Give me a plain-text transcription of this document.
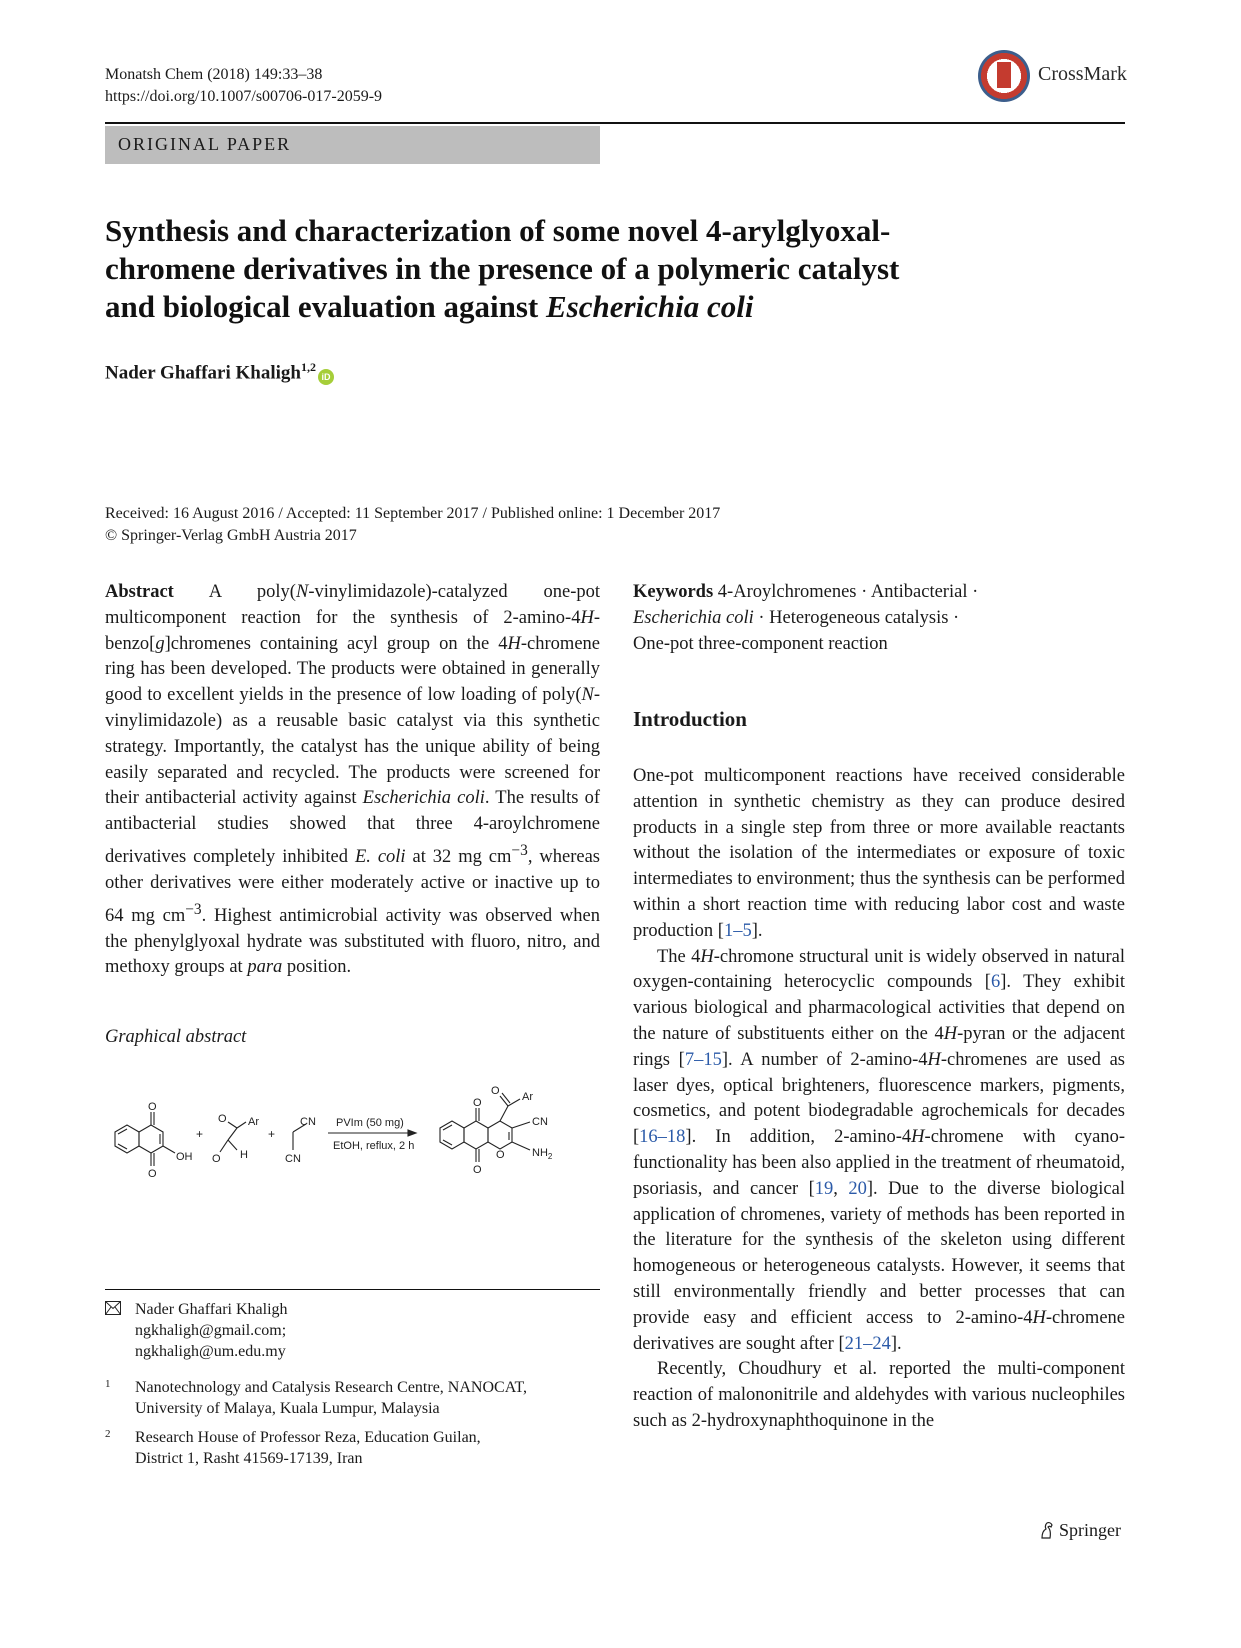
Monatsh Chem (2018) 149:33–38
https://doi.org/10.1007/s00706-017-2059-9
CrossMark
ORIGINAL PAPER
Synthesis and characterization of some novel 4-arylglyoxal-
chromene derivatives in the presence of a polymeric catalyst
and biological evaluation against Escherichia coli
Nader Ghaffari Khaligh$^{1,2}$iD
Received: 16 August 2016 / Accepted: 11 September 2017 / Published online: 1 December 2017
© Springer-Verlag GmbH Austria 2017

Abstract A poly(N-vinylimidazole)-catalyzed one-pot multicomponent reaction for the synthesis of 2-amino-4H-benzo[g]chromenes containing acyl group on the 4H-chromene ring has been developed. The products were obtained in generally good to excellent yields in the presence of low loading of poly(N-vinylimidazole) as a reusable basic catalyst via this synthetic strategy. Importantly, the catalyst has the unique ability of being easily separated and recycled. The products were screened for their antibacterial activity against Escherichia coli. The results of antibacterial studies showed that three 4-aroylchromene derivatives completely inhibited E. coli at 32 mg $cm^{-3}$, whereas other derivatives were either moderately active or inactive up to 64 mg $cm^{-3}$. Highest antimicrobial activity was observed when the phenylglyoxal hydrate was substituted with fluoro, nitro, and methoxy groups at para position.

Graphical abstract
O
O
OH
+
O Ar
H
O
+
CN
CN
PVIm (50 mg)
EtOH, reflux, 2 h
O
O
O Ar
CN
O $NH_2$
Nader Ghaffari Khaligh
ngkhaligh@gmail.com;
ngkhaligh@um.edu.my
1 Nanotechnology and Catalysis Research Centre, NANOCAT,
University of Malaya, Kuala Lumpur, Malaysia
2 Research House of Professor Reza, Education Guilan,
District 1, Rasht 41569-17139, Iran
Keywords 4-Aroylchromenes · Antibacterial ·
Escherichia coli · Heterogeneous catalysis ·
One-pot three-component reaction
Introduction

One-pot multicomponent reactions have received considerable attention in synthetic chemistry as they can produce desired products in a single step from three or more available reactants without the isolation of the intermediates or exposure of toxic intermediates to environment; thus the synthesis can be performed within a short reaction time with reducing labor cost and waste production [1–5].

The 4H-chromone structural unit is widely observed in natural oxygen-containing heterocyclic compounds [6]. They exhibit various biological and pharmacological activities that depend on the nature of substituents either on the 4H-pyran or the adjacent rings [7–15]. A number of 2-amino-4H-chromenes are used as laser dyes, optical brighteners, fluorescence markers, pigments, cosmetics, and potent biodegradable agrochemicals for decades [16–18]. In addition, 2-amino-4H-chromene with cyano-functionality has been also applied in the treatment of rheumatoid, psoriasis, and cancer [19, 20]. Due to the diverse biological application of chromenes, variety of methods has been reported in the literature for the synthesis of the skeleton using different homogeneous or heterogeneous catalysts. However, it seems that still environmentally friendly and better processes that can provide easy and efficient access to 2-amino-4H-chromene derivatives are sought after [21–24].

Recently, Choudhury et al. reported the multi-component reaction of malononitrile and aldehydes with various nucleophiles such as 2-hydroxynaphthoquinone in the

Springer
